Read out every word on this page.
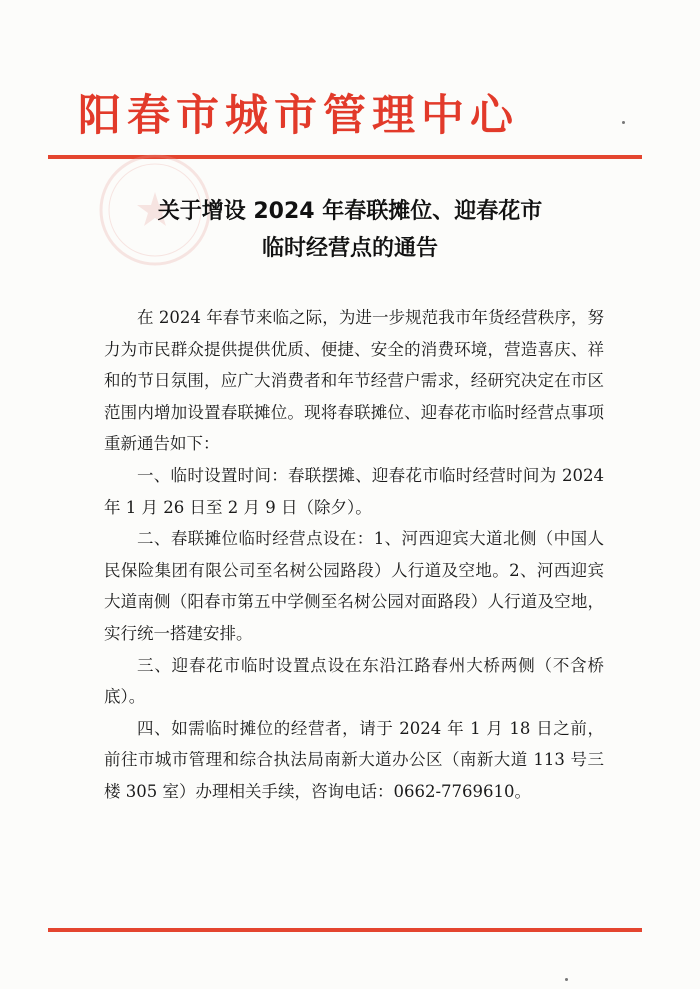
阳春市城市管理中心
关于增设 2024 年春联摊位、迎春花市
临时经营点的通告

在 2024 年春节来临之际，为进一步规范我市年货经营秩序，努力为市民群众提供提供优质、便捷、安全的消费环境，营造喜庆、祥和的节日氛围，应广大消费者和年节经营户需求，经研究决定在市区范围内增加设置春联摊位。现将春联摊位、迎春花市临时经营点事项重新通告如下：

一、临时设置时间：春联摆摊、迎春花市临时经营时间为 2024 年 1 月 26 日至 2 月 9 日（除夕）。

二、春联摊位临时经营点设在：1、河西迎宾大道北侧（中国人民保险集团有限公司至名树公园路段）人行道及空地。2、河西迎宾大道南侧（阳春市第五中学侧至名树公园对面路段）人行道及空地，实行统一搭建安排。

三、迎春花市临时设置点设在东沿江路春州大桥两侧（不含桥底）。

四、如需临时摊位的经营者，请于 2024 年 1 月 18 日之前，前往市城市管理和综合执法局南新大道办公区（南新大道 113 号三楼 305 室）办理相关手续，咨询电话：0662-7769610。
